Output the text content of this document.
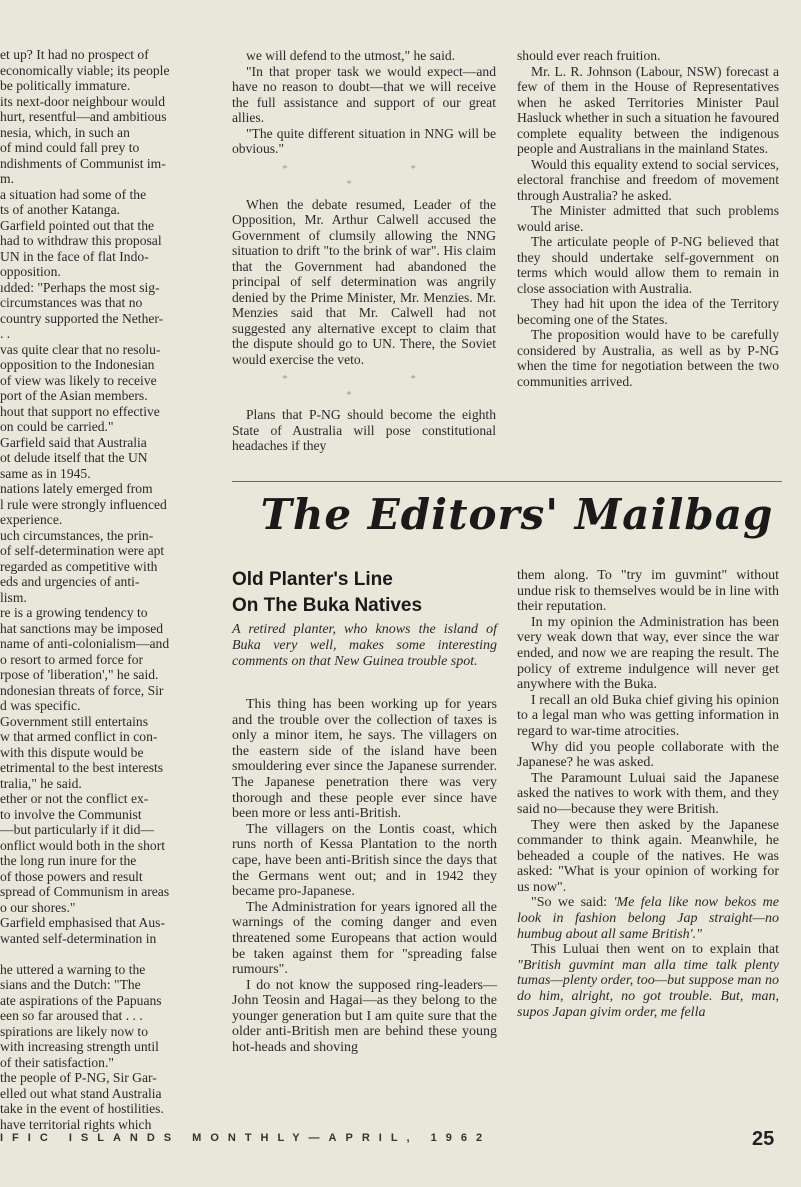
et up? It had no prospect of
economically viable; its people
be politically immature.
its next-door neighbour would
hurt, resentful—and ambitious
nesia, which, in such an
of mind could fall prey to
ndishments of Communist im-
m.
a situation had some of the
ts of another Katanga.
Garfield pointed out that the
had to withdraw this proposal
UN in the face of flat Indo-
opposition.
ıdded: "Perhaps the most sig-
circumstances was that no
country supported the Nether-
. .
vas quite clear that no resolu-
opposition to the Indonesian
of view was likely to receive
port of the Asian members.
hout that support no effective
on could be carried."
Garfield said that Australia
ot delude itself that the UN
same as in 1945.
nations lately emerged from
l rule were strongly influenced
experience.
uch circumstances, the prin-
of self-determination were apt
regarded as competitive with
eds and urgencies of anti-
lism.
re is a growing tendency to
hat sanctions may be imposed
name of anti-colonialism—and
o resort to armed force for
rpose of 'liberation'," he said.
ndonesian threats of force, Sir
d was specific.
Government still entertains
w that armed conflict in con-
with this dispute would be
etrimental to the best interests
tralia," he said.
ether or not the conflict ex-
to involve the Communist
—but particularly if it did—
onflict would both in the short
the long run inure for the
of those powers and result
spread of Communism in areas
o our shores."
Garfield emphasised that Aus-
wanted self-determination in
he uttered a warning to the
sians and the Dutch: "The
ate aspirations of the Papuans
een so far aroused that . . .
spirations are likely now to
with increasing strength until
of their satisfaction."
the people of P-NG, Sir Gar-
elled out what stand Australia
take in the event of hostilities.
have territorial rights which

we will defend to the utmost," he said.

"In that proper task we would expect—and have no reason to doubt—that we will receive the full assistance and support of our great allies.

"The quite different situation in NNG will be obvious."

* * *

When the debate resumed, Leader of the Opposition, Mr. Arthur Calwell accused the Government of clumsily allowing the NNG situation to drift "to the brink of war". His claim that the Government had abandoned the principal of self determination was angrily denied by the Prime Minister, Mr. Menzies. Mr. Menzies said that Mr. Calwell had not suggested any alternative except to claim that the dispute should go to UN. There, the Soviet would exercise the veto.

* * *

Plans that P-NG should become the eighth State of Australia will pose constitutional headaches if they

should ever reach fruition.

Mr. L. R. Johnson (Labour, NSW) forecast a few of them in the House of Representatives when he asked Territories Minister Paul Hasluck whether in such a situation he favoured complete equality between the indigenous people and Australians in the mainland States.

Would this equality extend to social services, electoral franchise and freedom of movement through Australia? he asked.

The Minister admitted that such problems would arise.

The articulate people of P-NG believed that they should undertake self-government on terms which would allow them to remain in close association with Australia.

They had hit upon the idea of the Territory becoming one of the States.

The proposition would have to be carefully considered by Australia, as well as by P-NG when the time for negotiation between the two communities arrived.

The Editors' Mailbag
Old Planter's Line
On The Buka Natives
A retired planter, who knows the island of Buka very well, makes some interesting comments on that New Guinea trouble spot.

This thing has been working up for years and the trouble over the collection of taxes is only a minor item, he says. The villagers on the eastern side of the island have been smouldering ever since the Japanese surrender. The Japanese penetration there was very thorough and these people ever since have been more or less anti-British.

The villagers on the Lontis coast, which runs north of Kessa Plantation to the north cape, have been anti-British since the days that the Germans went out; and in 1942 they became pro-Japanese.

The Administration for years ignored all the warnings of the coming danger and even threatened some Europeans that action would be taken against them for "spreading false rumours".

I do not know the supposed ring-leaders—John Teosin and Hagai—as they belong to the younger generation but I am quite sure that the older anti-British men are behind these young hot-heads and shoving

them along. To "try im guvmint" without undue risk to themselves would be in line with their reputation.

In my opinion the Administration has been very weak down that way, ever since the war ended, and now we are reaping the result. The policy of extreme indulgence will never get anywhere with the Buka.

I recall an old Buka chief giving his opinion to a legal man who was getting information in regard to war-time atrocities.

Why did you people collaborate with the Japanese? he was asked.

The Paramount Luluai said the Japanese asked the natives to work with them, and they said no—because they were British.

They were then asked by the Japanese commander to think again. Meanwhile, he beheaded a couple of the natives. He was asked: "What is your opinion of working for us now".

"So we said: 'Me fela like now bekos me look in fashion belong Jap straight—no humbug about all same British'."

This Luluai then went on to explain that "British guvmint man alla time talk plenty tumas—plenty order, too—but suppose man no do him, alright, no got trouble. But, man, supos Japan givim order, me fella

IFIC ISLANDS MONTHLY—APRIL, 1962	25
